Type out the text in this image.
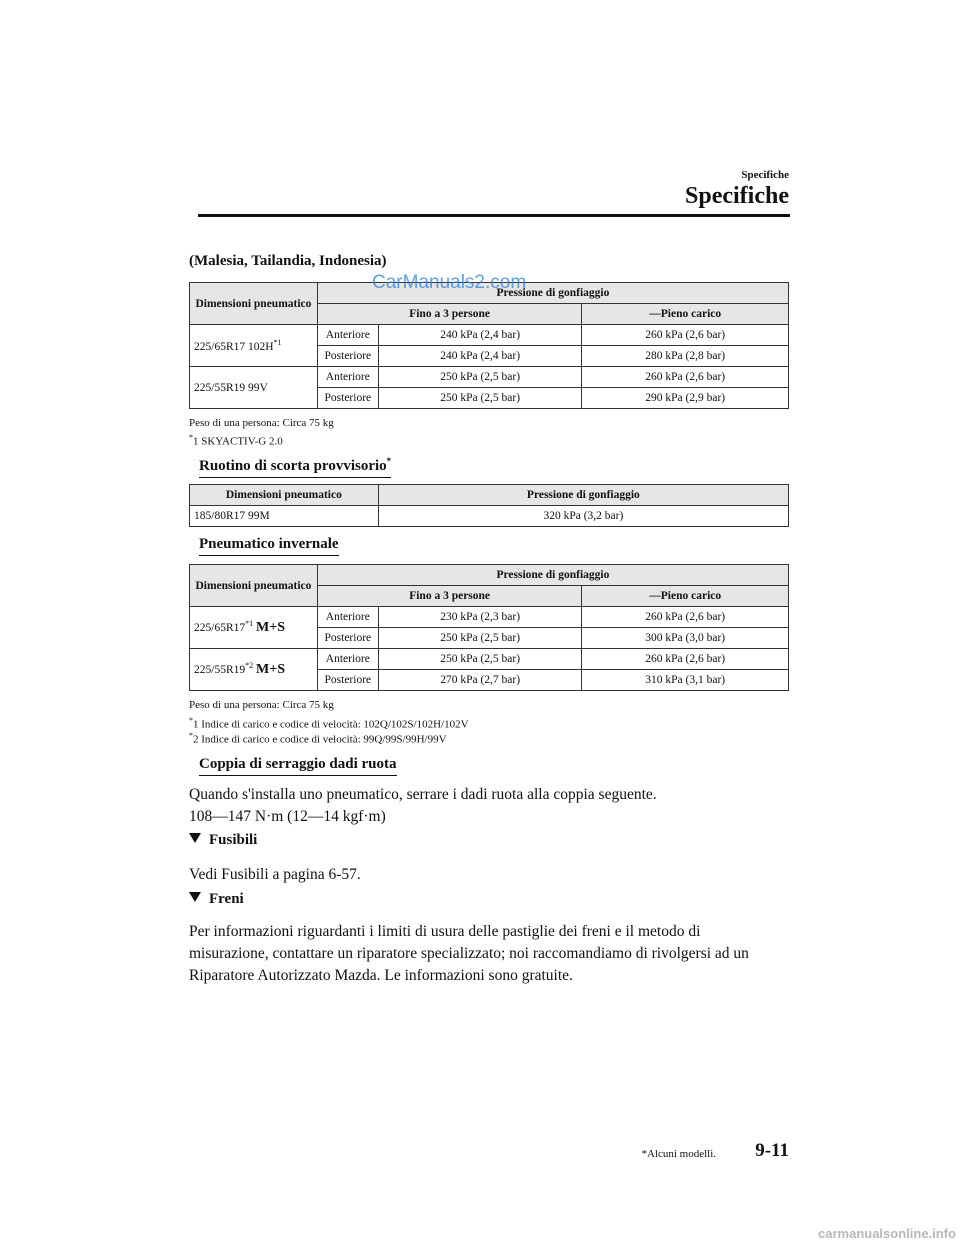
Specifiche
Specifiche
(Malesia, Tailandia, Indonesia)
Dimensioni pneumatico	Pressione di gonfiaggio		
	Fino a 3 persone		—Pieno carico
225/65R17 $102H^{*1}$	Anteriore	240 kPa (2,4 bar)	260 kPa (2,6 bar)
	Posteriore	240 kPa (2,4 bar)	280 kPa (2,8 bar)
225/55R19 99V	Anteriore	250 kPa (2,5 bar)	260 kPa (2,6 bar)
	Posteriore	250 kPa (2,5 bar)	290 kPa (2,9 bar)
CarManuals2.com
Peso di una persona: Circa 75 kg
*1 SKYACTIV-G 2.0
Ruotino di scorta provvisorio*
Dimensioni pneumatico	Pressione di gonfiaggio
185/80R17 99M	320 kPa (3,2 bar)
Pneumatico invernale
Dimensioni pneumatico	Pressione di gonfiaggio		
	Fino a 3 persone		—Pieno carico
225/65R17$^{*1}$ M+S	Anteriore	230 kPa (2,3 bar)	260 kPa (2,6 bar)
	Posteriore	250 kPa (2,5 bar)	300 kPa (3,0 bar)
225/55R19$^{*2}$ M+S	Anteriore	250 kPa (2,5 bar)	260 kPa (2,6 bar)
	Posteriore	270 kPa (2,7 bar)	310 kPa (3,1 bar)
Peso di una persona: Circa 75 kg
*1 Indice di carico e codice di velocità: 102Q/102S/102H/102V
*2 Indice di carico e codice di velocità: 99Q/99S/99H/99V
Coppia di serraggio dadi ruota
Quando s'installa uno pneumatico, serrare i dadi ruota alla coppia seguente.
108—147 N·m (12—14 kgf·m)
Fusibili
Vedi Fusibili a pagina 6-57.
Freni
Per informazioni riguardanti i limiti di usura delle pastiglie dei freni e il metodo di
misurazione, contattare un riparatore specializzato; noi raccomandiamo di rivolgersi ad un
Riparatore Autorizzato Mazda. Le informazioni sono gratuite.
*Alcuni modelli. 9-11
carmanualsonline.info
